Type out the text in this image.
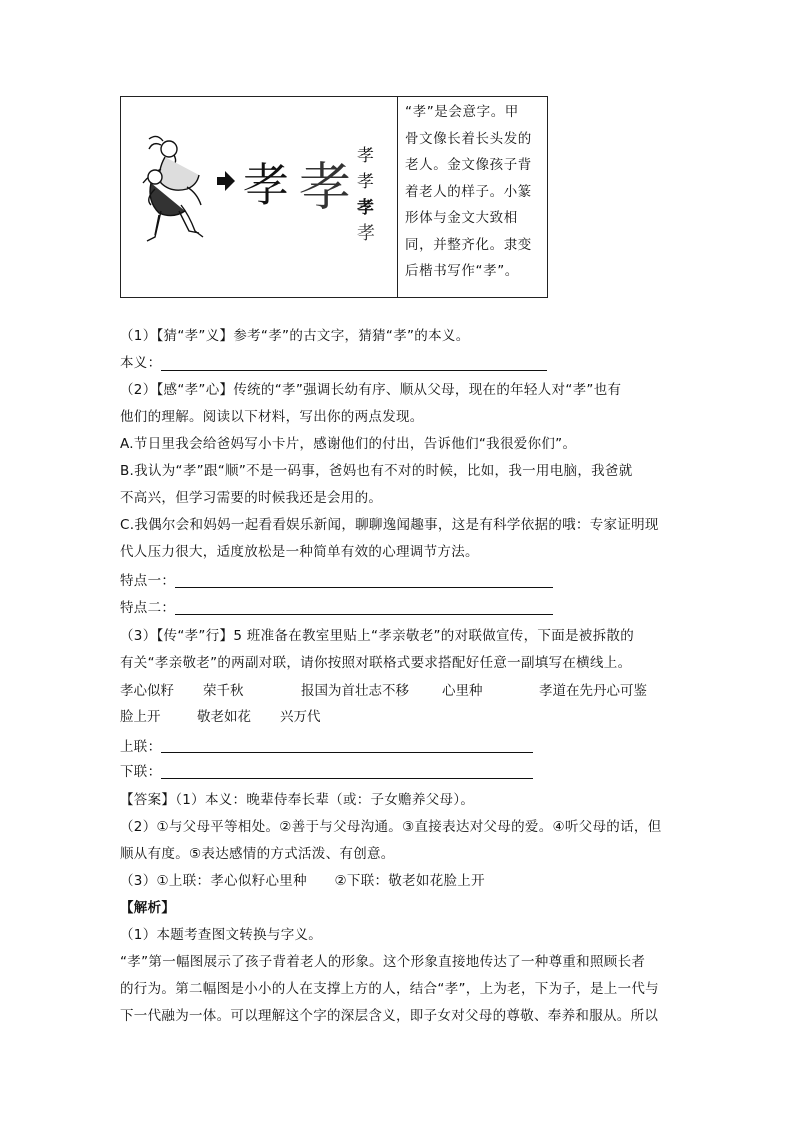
孝 孝
孝
孝
孝
孝
“孝”是会意字。甲
骨文像长着长头发的
老人。金文像孩子背
着老人的样子。小篆
形体与金文大致相
同，并整齐化。隶变
后楷书写作“孝”。

（1）【猜“孝”义】参考“孝”的古文字，猜猜“孝”的本义。

本义：

（2）【感“孝”心】传统的“孝”强调长幼有序、顺从父母，现在的年轻人对“孝”也有

他们的理解。阅读以下材料，写出你的两点发现。

A.节日里我会给爸妈写小卡片，感谢他们的付出，告诉他们“我很爱你们”。

B.我认为“孝”跟“顺”不是一码事，爸妈也有不对的时候，比如，我一用电脑，我爸就

不高兴，但学习需要的时候我还是会用的。

C.我偶尔会和妈妈一起看看娱乐新闻，聊聊逸闻趣事，这是有科学依据的哦：专家证明现

代人压力很大，适度放松是一种简单有效的心理调节方法。

特点一：

特点二：

（3）【传“孝”行】5 班准备在教室里贴上“孝亲敬老”的对联做宣传，下面是被拆散的

有关“孝亲敬老”的两副对联，请你按照对联格式要求搭配好任意一副填写在横线上。

孝心似籽 荣千秋	报国为首壮志不移 心里种	孝道在先丹心可鉴
脸上开	敬老如花 兴万代

上联：

下联：

【答案】（1）本义：晚辈侍奉长辈（或：子女赡养父母）。

（2）①与父母平等相处。②善于与父母沟通。③直接表达对父母的爱。④听父母的话，但

顺从有度。⑤表达感情的方式活泼、有创意。

（3）①上联：孝心似籽心里种　　②下联：敬老如花脸上开

【解析】

（1）本题考查图文转换与字义。

“孝”第一幅图展示了孩子背着老人的形象。这个形象直接地传达了一种尊重和照顾长者

的行为。第二幅图是小小的人在支撑上方的人，结合“孝”，上为老，下为子，是上一代与

下一代融为一体。可以理解这个字的深层含义，即子女对父母的尊敬、奉养和服从。所以
